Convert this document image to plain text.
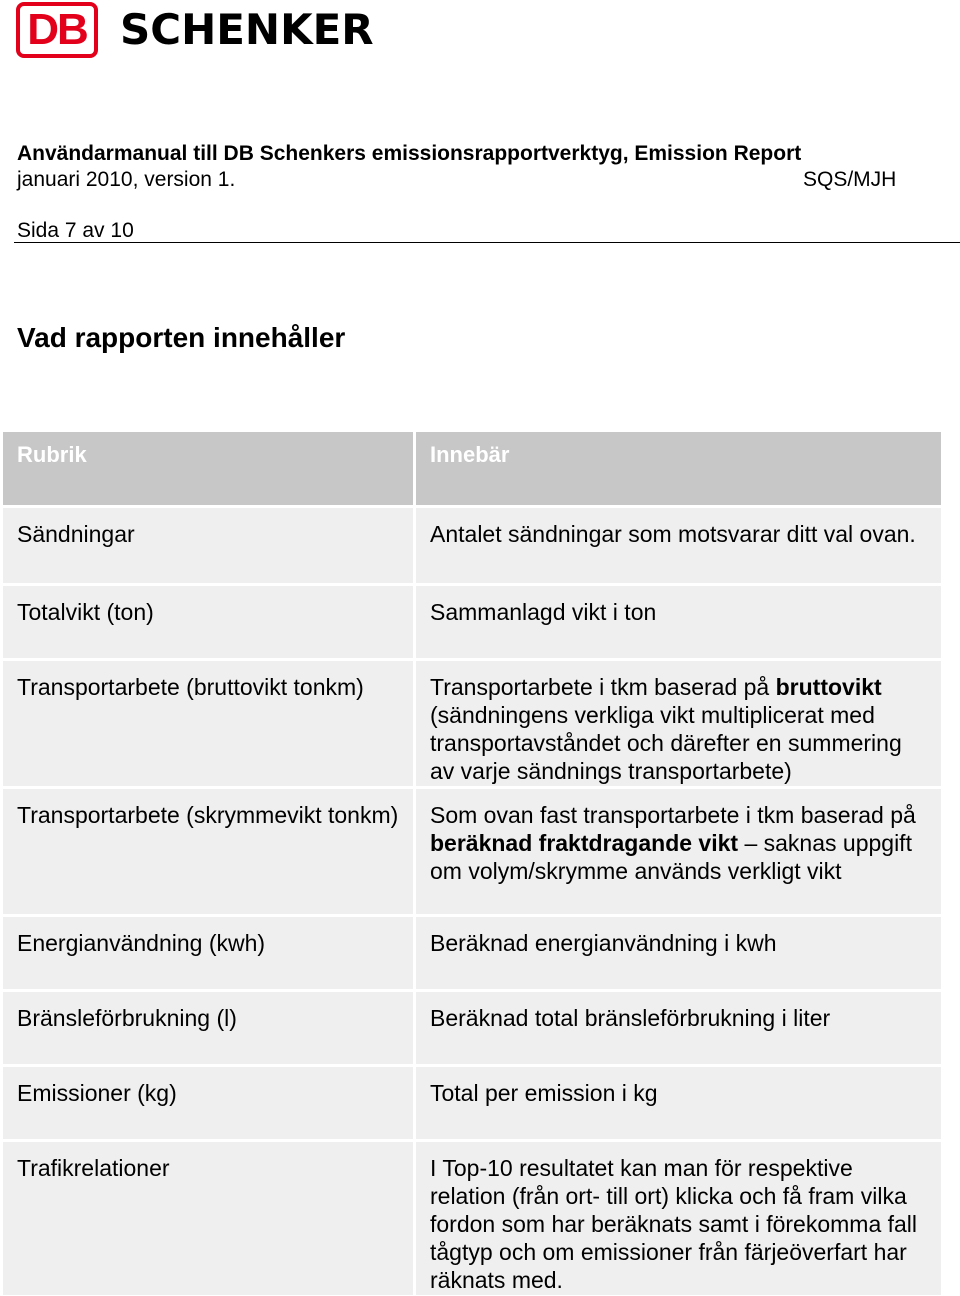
DB SCHENKER
Användarmanual till DB Schenkers emissionsrapportverktyg, Emission Report
januari 2010, version 1.	SQS/MJH
Sida 7 av 10
Vad rapporten innehåller
Rubrik	Innebär
Sändningar	Antalet sändningar som motsvarar ditt val ovan.
Totalvikt (ton)	Sammanlagd vikt i ton
Transportarbete (bruttovikt tonkm)	Transportarbete i tkm baserad på bruttovikt (sändningens verkliga vikt multiplicerat med transportavståndet och därefter en summering av varje sändnings transportarbete)
Transportarbete (skrymmevikt tonkm)	Som ovan fast transportarbete i tkm baserad på beräknad fraktdragande vikt – saknas uppgift om volym/skrymme används verkligt vikt
Energianvändning (kwh)	Beräknad energianvändning i kwh
Bränsleförbrukning (l)	Beräknad total bränsleförbrukning i liter
Emissioner (kg)	Total per emission i kg
Trafikrelationer	I Top-10 resultatet kan man för respektive relation (från ort- till ort) klicka och få fram vilka fordon som har beräknats samt i förekomma fall tågtyp och om emissioner från färjeöverfart har räknats med.
